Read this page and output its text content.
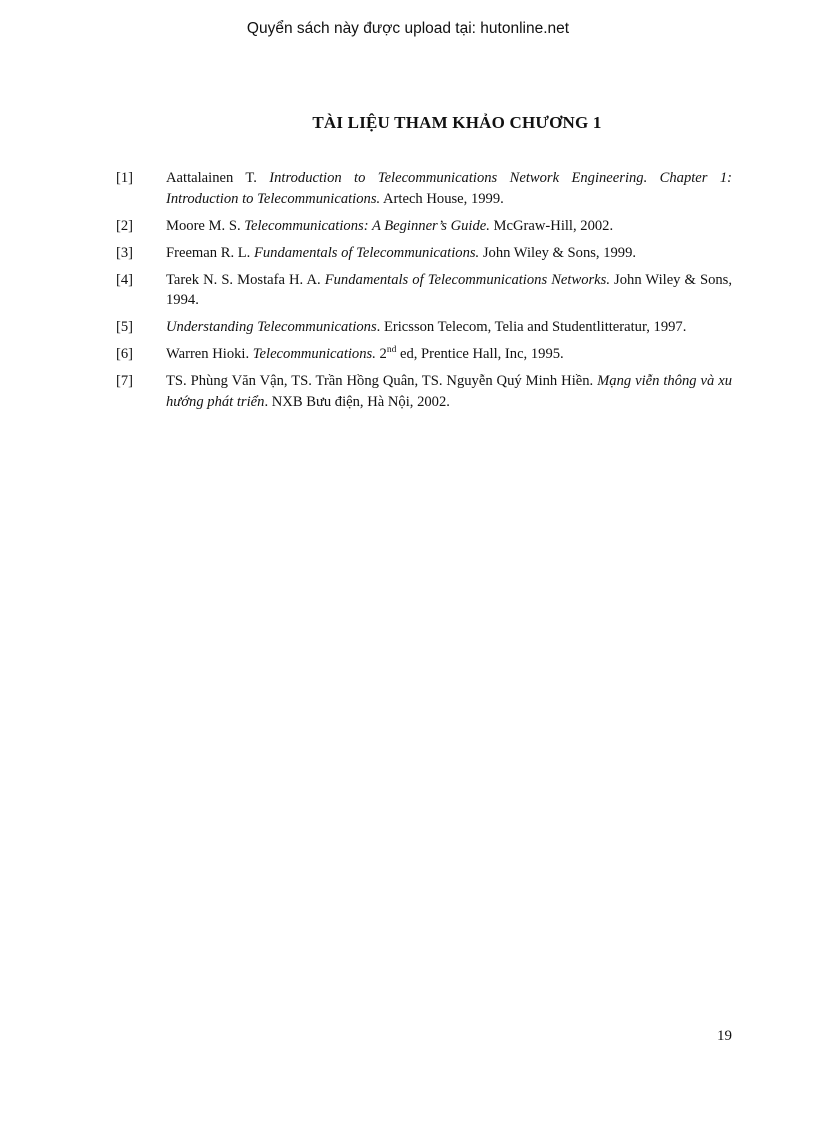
Quyển sách này được upload tại: hutonline.net
TÀI LIỆU THAM KHẢO CHƯƠNG 1
[1]	Aattalainen T. Introduction to Telecommunications Network Engineering. Chapter 1: Introduction to Telecommunications. Artech House, 1999.
[2]	Moore M. S. Telecommunications: A Beginner’s Guide. McGraw-Hill, 2002.
[3]	Freeman R. L. Fundamentals of Telecommunications. John Wiley & Sons, 1999.
[4]	Tarek N. S. Mostafa H. A. Fundamentals of Telecommunications Networks. John Wiley & Sons, 1994.
[5]	Understanding Telecommunications. Ericsson Telecom, Telia and Studentlitteratur, 1997.
[6]	Warren Hioki. Telecommunications. 2nd ed, Prentice Hall, Inc, 1995.
[7]	TS. Phùng Văn Vận, TS. Trần Hồng Quân, TS. Nguyễn Quý Minh Hiền. Mạng viễn thông và xu hướng phát triển. NXB Bưu điện, Hà Nội, 2002.
19
